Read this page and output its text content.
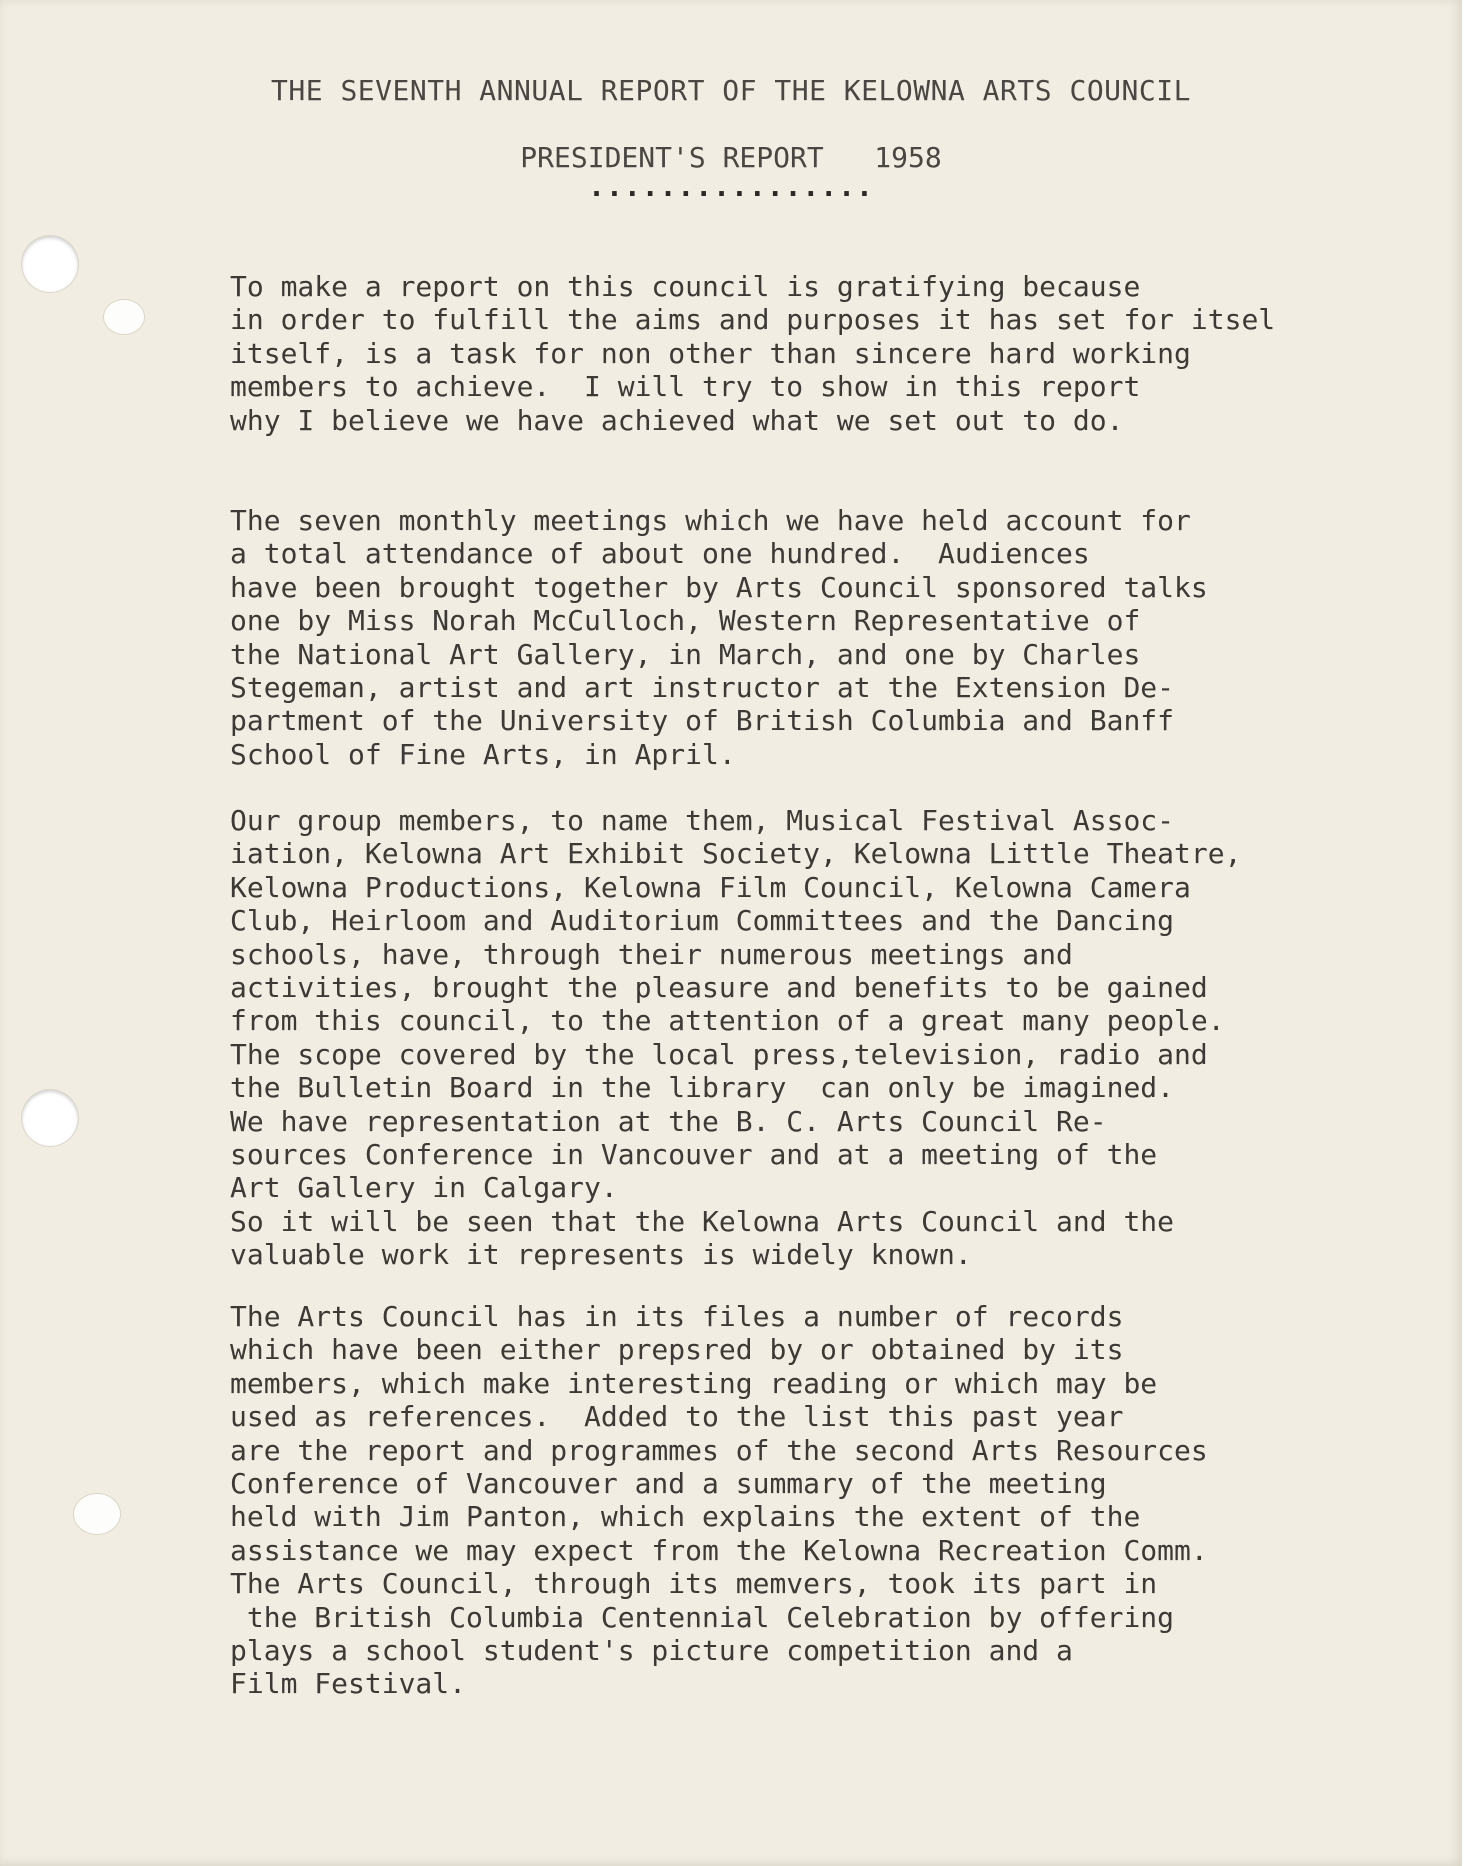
THE SEVENTH ANNUAL REPORT OF THE KELOWNA ARTS COUNCIL
PRESIDENT'S REPORT   1958
................
To make a report on this council is gratifying because
in order to fulfill the aims and purposes it has set for itsel
itself, is a task for non other than sincere hard working
members to achieve.  I will try to show in this report
why I believe we have achieved what we set out to do.
The seven monthly meetings which we have held account for
a total attendance of about one hundred.  Audiences
have been brought together by Arts Council sponsored talks
one by Miss Norah McCulloch, Western Representative of
the National Art Gallery, in March, and one by Charles
Stegeman, artist and art instructor at the Extension De-
partment of the University of British Columbia and Banff
School of Fine Arts, in April.
Our group members, to name them, Musical Festival Assoc-
iation, Kelowna Art Exhibit Society, Kelowna Little Theatre,
Kelowna Productions, Kelowna Film Council, Kelowna Camera
Club, Heirloom and Auditorium Committees and the Dancing
schools, have, through their numerous meetings and
activities, brought the pleasure and benefits to be gained
from this council, to the attention of a great many people.
The scope covered by the local press,television, radio and
the Bulletin Board in the library  can only be imagined.
We have representation at the B. C. Arts Council Re-
sources Conference in Vancouver and at a meeting of the
Art Gallery in Calgary.
So it will be seen that the Kelowna Arts Council and the
valuable work it represents is widely known.
The Arts Council has in its files a number of records
which have been either prepsred by or obtained by its
members, which make interesting reading or which may be
used as references.  Added to the list this past year
are the report and programmes of the second Arts Resources
Conference of Vancouver and a summary of the meeting
held with Jim Panton, which explains the extent of the
assistance we may expect from the Kelowna Recreation Comm.
The Arts Council, through its memvers, took its part in
the British Columbia Centennial Celebration by offering
plays a school student's picture competition and a
Film Festival.
